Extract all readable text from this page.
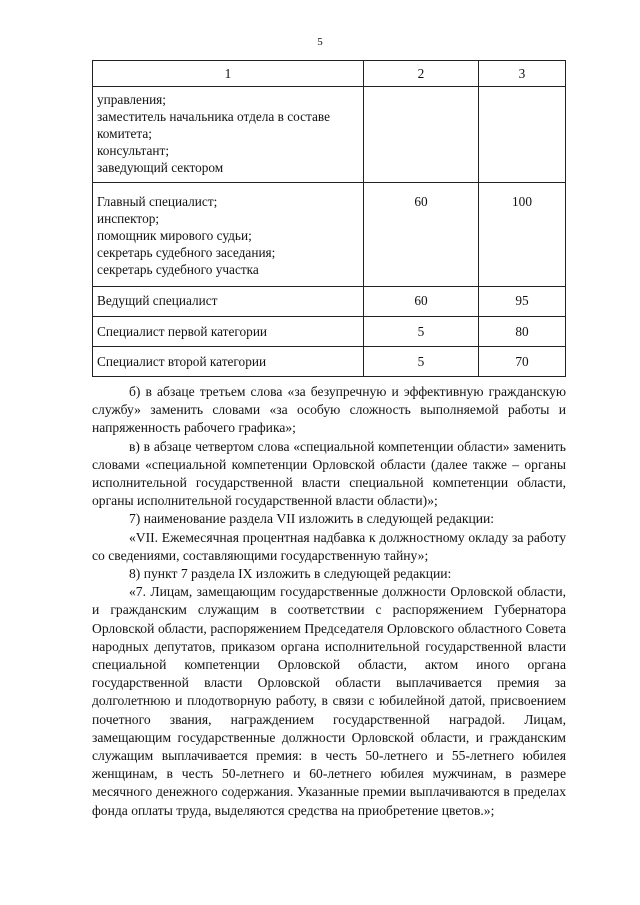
5
1	2	3

управления;
заместитель начальника отдела в составе
комитета;
консультант;
заведующий сектором		

Главный специалист;
инспектор;
помощник мирового судьи;
секретарь судебного заседания;
секретарь судебного участка	60	100
Ведущий специалист	60	95
Специалист первой категории	5	80
Специалист второй категории	5	70

б) в абзаце третьем слова «за безупречную и эффективную гражданскую службу» заменить словами «за особую сложность выполняемой работы и напряженность рабочего графика»;

в) в абзаце четвертом слова «специальной компетенции области» заменить словами «специальной компетенции Орловской области (далее также – органы исполнительной государственной власти специальной компетенции области, органы исполнительной государственной власти области)»;

7) наименование раздела VII изложить в следующей редакции:

«VII. Ежемесячная процентная надбавка к должностному окладу за работу со сведениями, составляющими государственную тайну»;

8) пункт 7 раздела IX изложить в следующей редакции:

«7. Лицам, замещающим государственные должности Орловской области, и гражданским служащим в соответствии с распоряжением Губернатора Орловской области, распоряжением Председателя Орловского областного Совета народных депутатов, приказом органа исполнительной государственной власти специальной компетенции Орловской области, актом иного органа государственной власти Орловской области выплачивается премия за долголетнюю и плодотворную работу, в связи с юбилейной датой, присвоением почетного звания, награждением государственной наградой. Лицам, замещающим государственные должности Орловской области, и гражданским служащим выплачивается премия: в честь 50-летнего и 55-летнего юбилея женщинам, в честь 50-летнего и 60-летнего юбилея мужчинам, в размере месячного денежного содержания. Указанные премии выплачиваются в пределах фонда оплаты труда, выделяются средства на приобретение цветов.»;
